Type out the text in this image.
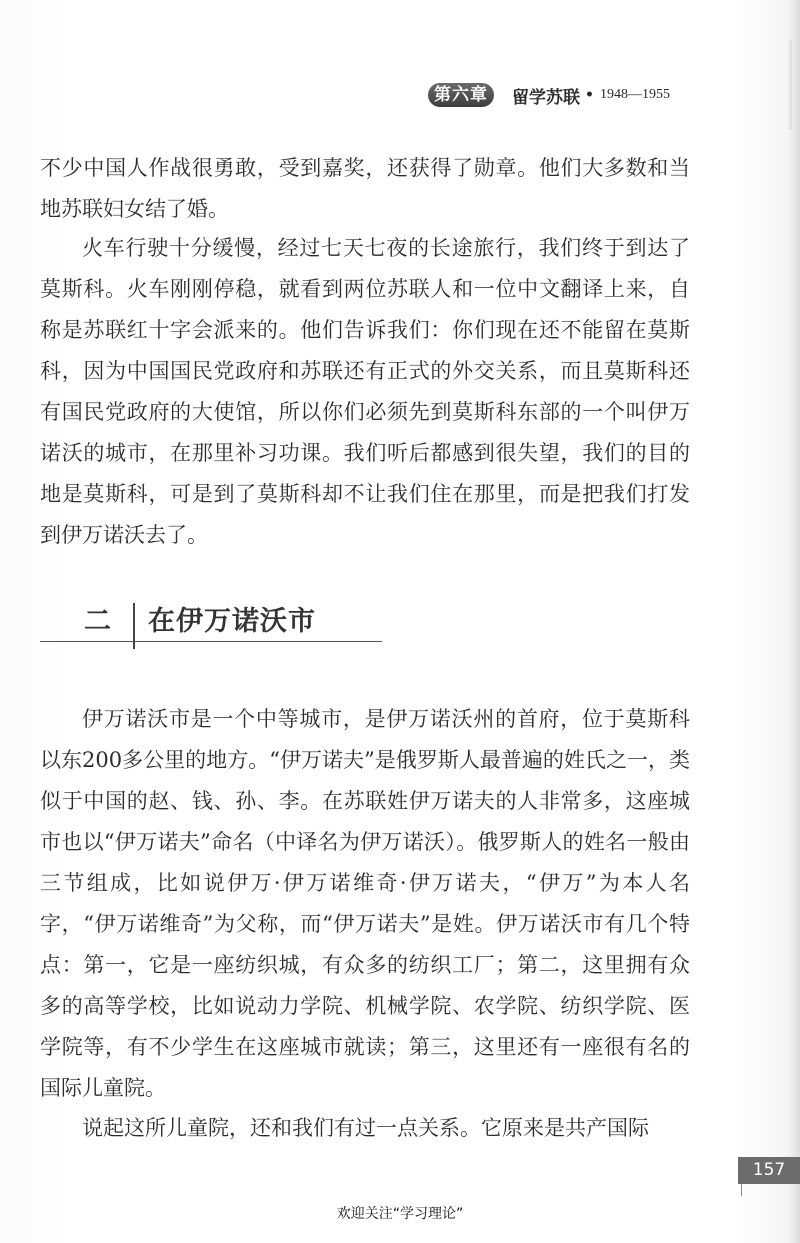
第六章	留学苏联 • 1948—1955

不少中国人作战很勇敢，受到嘉奖，还获得了勋章。他们大多数和当地苏联妇女结了婚。

火车行驶十分缓慢，经过七天七夜的长途旅行，我们终于到达了莫斯科。火车刚刚停稳，就看到两位苏联人和一位中文翻译上来，自称是苏联红十字会派来的。他们告诉我们：你们现在还不能留在莫斯科，因为中国国民党政府和苏联还有正式的外交关系，而且莫斯科还有国民党政府的大使馆，所以你们必须先到莫斯科东部的一个叫伊万诺沃的城市，在那里补习功课。我们听后都感到很失望，我们的目的地是莫斯科，可是到了莫斯科却不让我们住在那里，而是把我们打发到伊万诺沃去了。

二 在伊万诺沃市

伊万诺沃市是一个中等城市，是伊万诺沃州的首府，位于莫斯科以东200多公里的地方。“伊万诺夫”是俄罗斯人最普遍的姓氏之一，类似于中国的赵、钱、孙、李。在苏联姓伊万诺夫的人非常多，这座城市也以“伊万诺夫”命名（中译名为伊万诺沃）。俄罗斯人的姓名一般由三节组成，比如说伊万·伊万诺维奇·伊万诺夫，“伊万”为本人名字，“伊万诺维奇”为父称，而“伊万诺夫”是姓。伊万诺沃市有几个特点：第一，它是一座纺织城，有众多的纺织工厂；第二，这里拥有众多的高等学校，比如说动力学院、机械学院、农学院、纺织学院、医学院等，有不少学生在这座城市就读；第三，这里还有一座很有名的国际儿童院。

说起这所儿童院，还和我们有过一点关系。它原来是共产国际

157
欢迎关注“学习理论”
